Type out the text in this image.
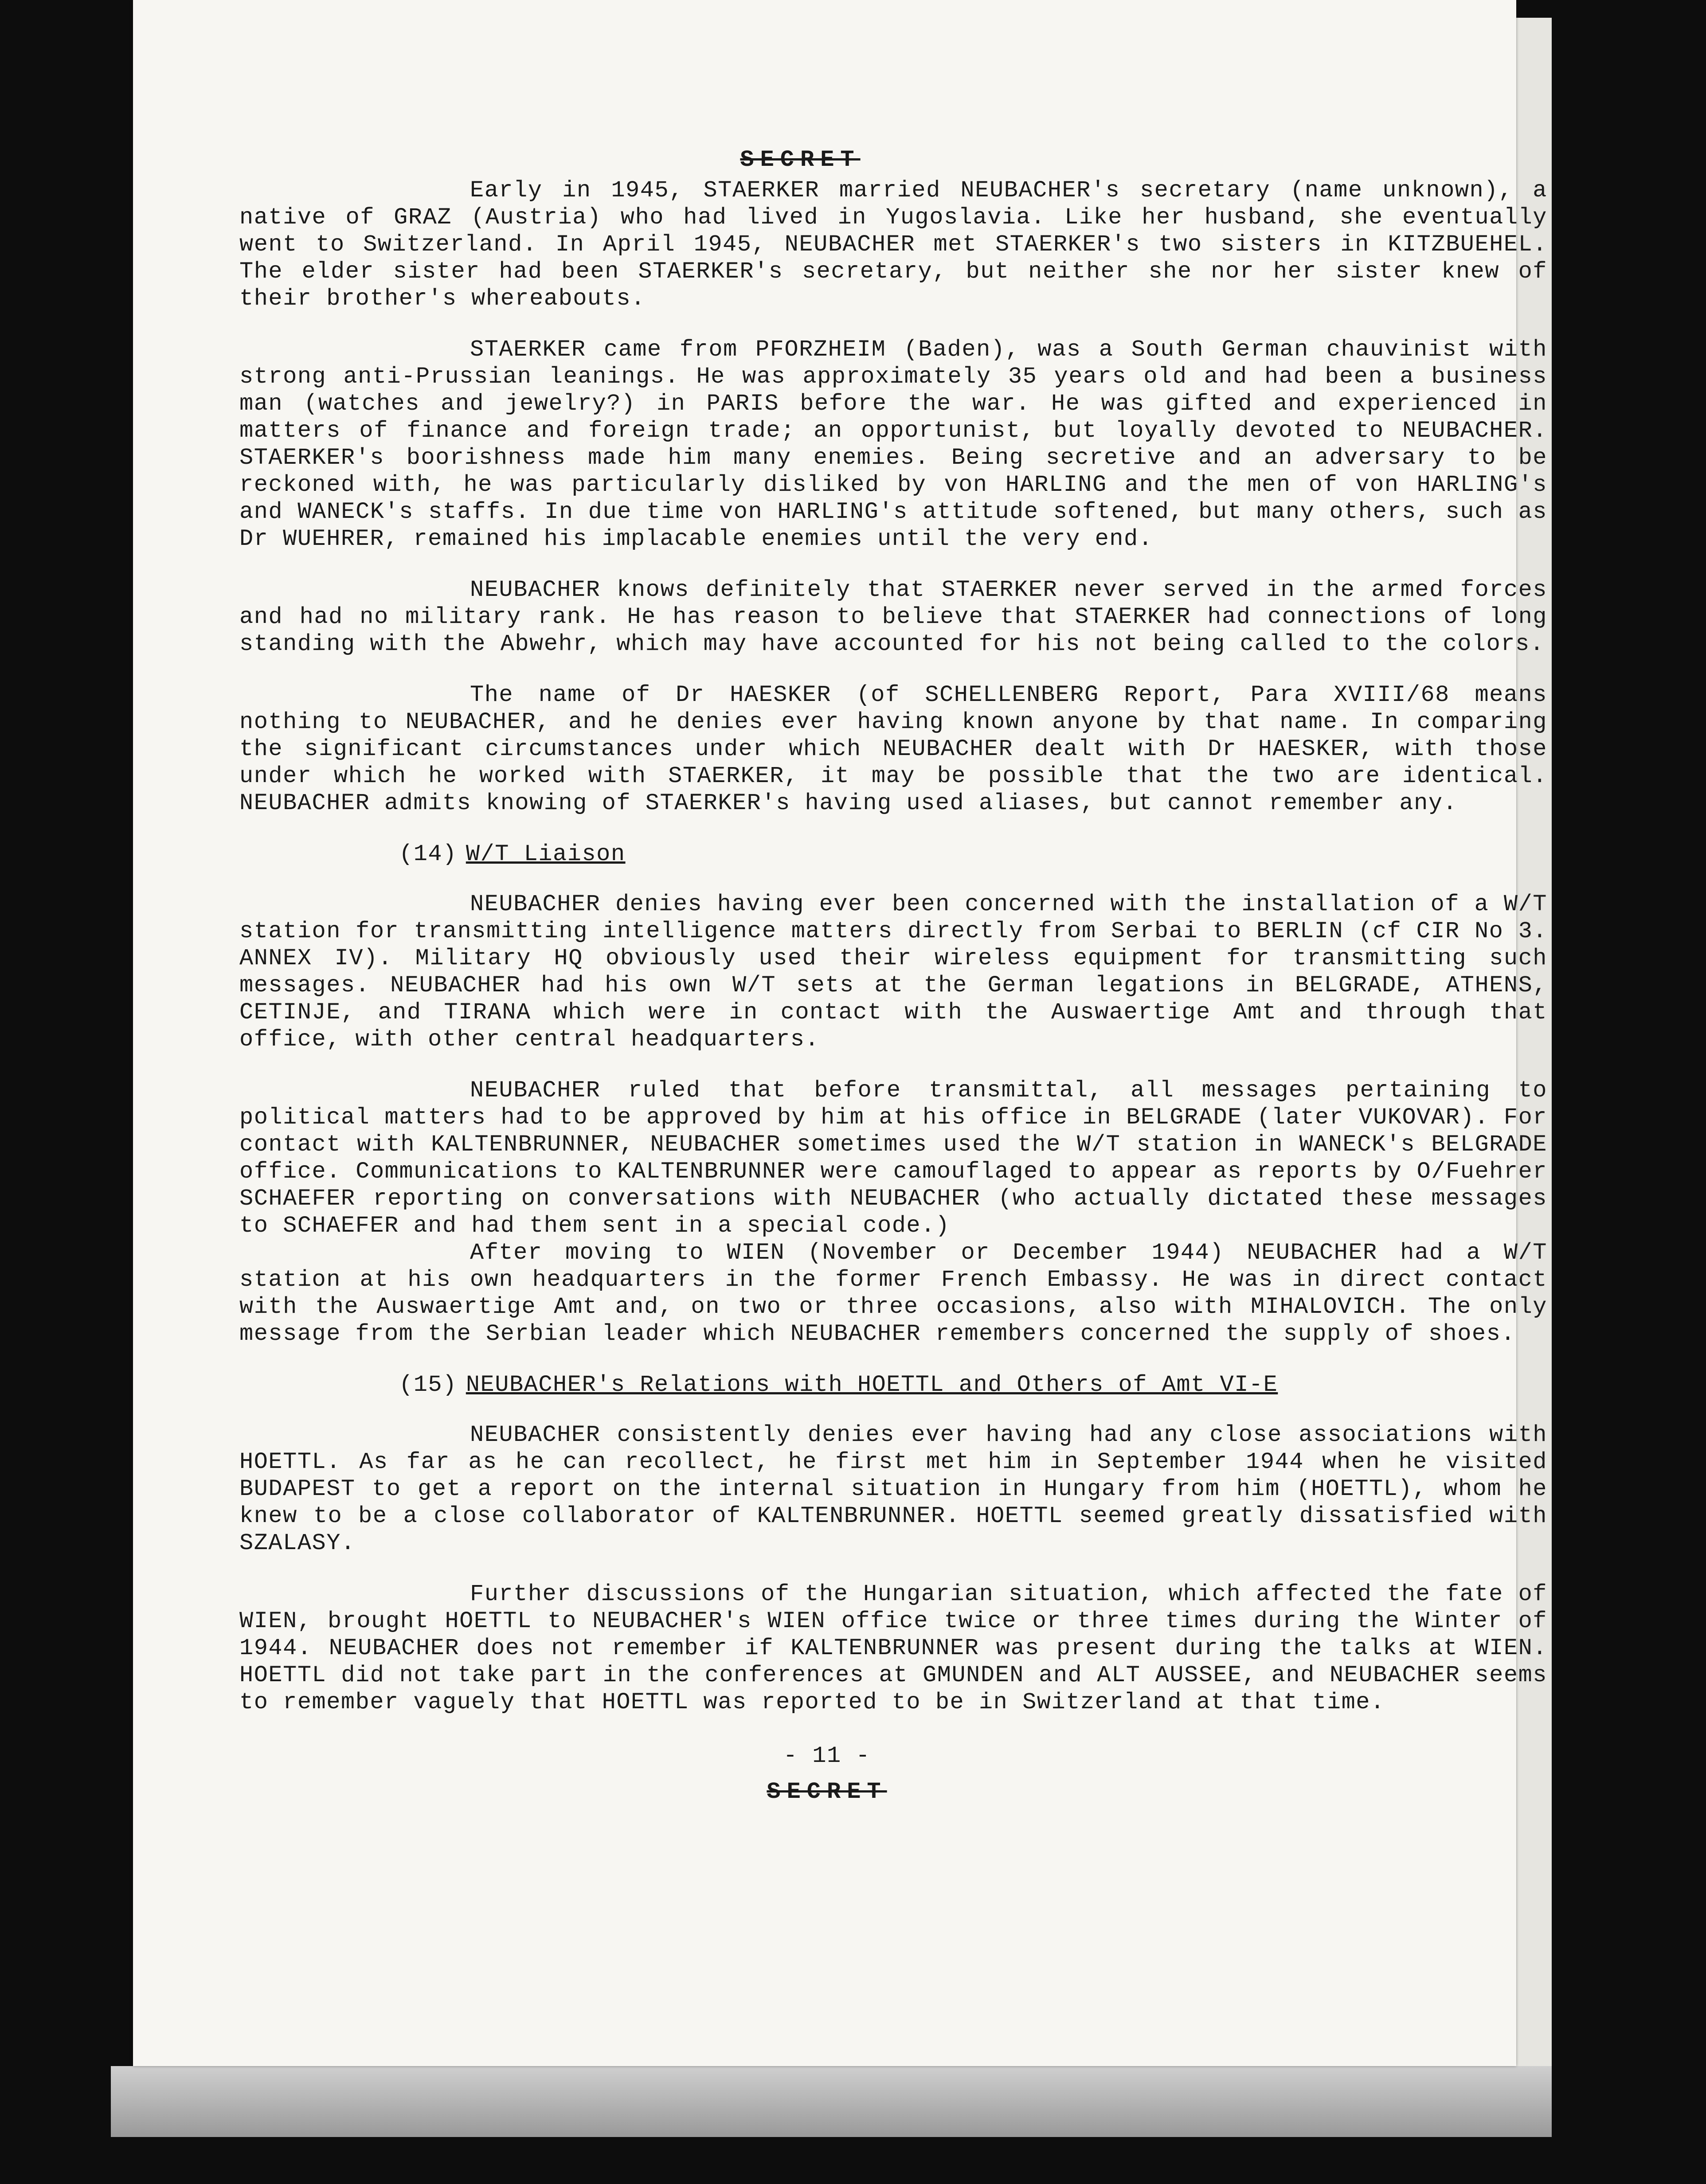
SECRET

Early in 1945, STAERKER married NEUBACHER's secretary (name unknown), a native of GRAZ (Austria) who had lived in Yugoslavia. Like her husband, she eventually went to Switzerland. In April 1945, NEUBACHER met STAERKER's two sisters in KITZBUEHEL. The elder sister had been STAERKER's secretary, but neither she nor her sister knew of their brother's whereabouts.

STAERKER came from PFORZHEIM (Baden), was a South German chauvinist with strong anti-Prussian leanings. He was approximately 35 years old and had been a business man (watches and jewelry?) in PARIS before the war. He was gifted and experienced in matters of finance and foreign trade; an opportunist, but loyally devoted to NEUBACHER. STAERKER's boorishness made him many enemies. Being secretive and an adversary to be reckoned with, he was particularly disliked by von HARLING and the men of von HARLING's and WANECK's staffs. In due time von HARLING's attitude softened, but many others, such as Dr WUEHRER, remained his implacable enemies until the very end.

NEUBACHER knows definitely that STAERKER never served in the armed forces and had no military rank. He has reason to believe that STAERKER had connections of long standing with the Abwehr, which may have accounted for his not being called to the colors.

The name of Dr HAESKER (of SCHELLENBERG Report, Para XVIII/68 means nothing to NEUBACHER, and he denies ever having known anyone by that name. In comparing the significant circumstances under which NEUBACHER dealt with Dr HAESKER, with those under which he worked with STAERKER, it may be possible that the two are identical. NEUBACHER admits knowing of STAERKER's having used aliases, but cannot remember any.

(14) W/T Liaison

NEUBACHER denies having ever been concerned with the installation of a W/T station for transmitting intelligence matters directly from Serbai to BERLIN (cf CIR No 3. ANNEX IV). Military HQ obviously used their wireless equipment for transmitting such messages. NEUBACHER had his own W/T sets at the German legations in BELGRADE, ATHENS, CETINJE, and TIRANA which were in contact with the Auswaertige Amt and through that office, with other central headquarters.

NEUBACHER ruled that before transmittal, all messages pertaining to political matters had to be approved by him at his office in BELGRADE (later VUKOVAR). For contact with KALTENBRUNNER, NEUBACHER sometimes used the W/T station in WANECK's BELGRADE office. Communications to KALTENBRUNNER were camouflaged to appear as reports by O/Fuehrer SCHAEFER reporting on conversations with NEUBACHER (who actually dictated these messages to SCHAEFER and had them sent in a special code.)

After moving to WIEN (November or December 1944) NEUBACHER had a W/T station at his own headquarters in the former French Embassy. He was in direct contact with the Auswaertige Amt and, on two or three occasions, also with MIHALOVICH. The only message from the Serbian leader which NEUBACHER remembers concerned the supply of shoes.

(15) NEUBACHER's Relations with HOETTL and Others of Amt VI-E

NEUBACHER consistently denies ever having had any close associations with HOETTL. As far as he can recollect, he first met him in September 1944 when he visited BUDAPEST to get a report on the internal situation in Hungary from him (HOETTL), whom he knew to be a close collaborator of KALTENBRUNNER. HOETTL seemed greatly dissatisfied with SZALASY.

Further discussions of the Hungarian situation, which affected the fate of WIEN, brought HOETTL to NEUBACHER's WIEN office twice or three times during the Winter of 1944. NEUBACHER does not remember if KALTENBRUNNER was present during the talks at WIEN. HOETTL did not take part in the conferences at GMUNDEN and ALT AUSSEE, and NEUBACHER seems to remember vaguely that HOETTL was reported to be in Switzerland at that time.

- 11 -

SECRET
